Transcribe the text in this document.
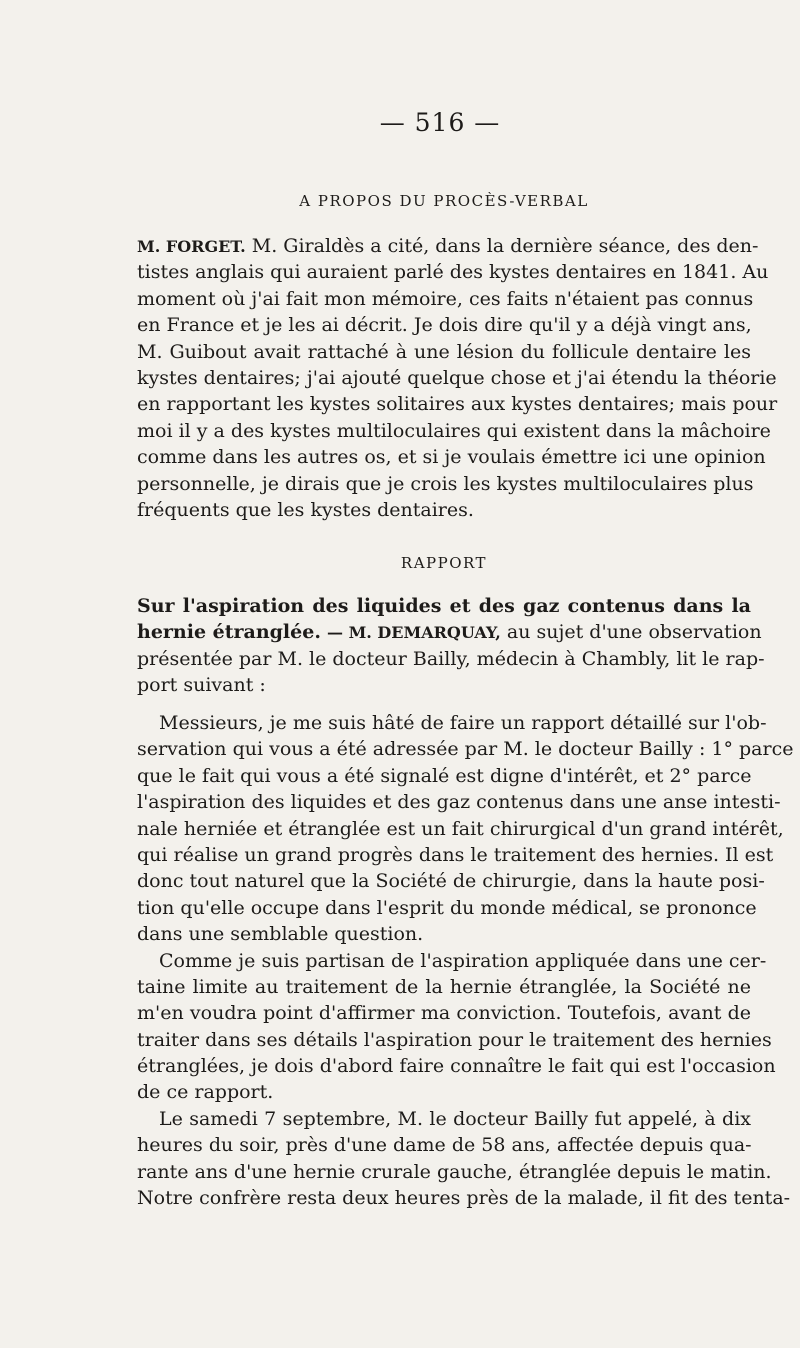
— 516 —
A PROPOS DU PROCÈS-VERBAL
M. FORGET. M. Giraldès a cité, dans la dernière séance, des den-
tistes anglais qui auraient parlé des kystes dentaires en 1841. Au
moment où j'ai fait mon mémoire, ces faits n'étaient pas connus
en France et je les ai décrit. Je dois dire qu'il y a déjà vingt ans,
M. Guibout avait rattaché à une lésion du follicule dentaire les
kystes dentaires; j'ai ajouté quelque chose et j'ai étendu la théorie
en rapportant les kystes solitaires aux kystes dentaires; mais pour
moi il y a des kystes multiloculaires qui existent dans la mâchoire
comme dans les autres os, et si je voulais émettre ici une opinion
personnelle, je dirais que je crois les kystes multiloculaires plus
fréquents que les kystes dentaires.
RAPPORT
Sur l'aspiration des liquides et des gaz contenus dans la
hernie étranglée. — M. DEMARQUAY, au sujet d'une observation
présentée par M. le docteur Bailly, médecin à Chambly, lit le rap-
port suivant :
Messieurs, je me suis hâté de faire un rapport détaillé sur l'ob-
servation qui vous a été adressée par M. le docteur Bailly : 1° parce
que le fait qui vous a été signalé est digne d'intérêt, et 2° parce
l'aspiration des liquides et des gaz contenus dans une anse intesti-
nale herniée et étranglée est un fait chirurgical d'un grand intérêt,
qui réalise un grand progrès dans le traitement des hernies. Il est
donc tout naturel que la Société de chirurgie, dans la haute posi-
tion qu'elle occupe dans l'esprit du monde médical, se prononce
dans une semblable question.
Comme je suis partisan de l'aspiration appliquée dans une cer-
taine limite au traitement de la hernie étranglée, la Société ne
m'en voudra point d'affirmer ma conviction. Toutefois, avant de
traiter dans ses détails l'aspiration pour le traitement des hernies
étranglées, je dois d'abord faire connaître le fait qui est l'occasion
de ce rapport.
Le samedi 7 septembre, M. le docteur Bailly fut appelé, à dix
heures du soir, près d'une dame de 58 ans, affectée depuis qua-
rante ans d'une hernie crurale gauche, étranglée depuis le matin.
Notre confrère resta deux heures près de la malade, il fit des tenta-
